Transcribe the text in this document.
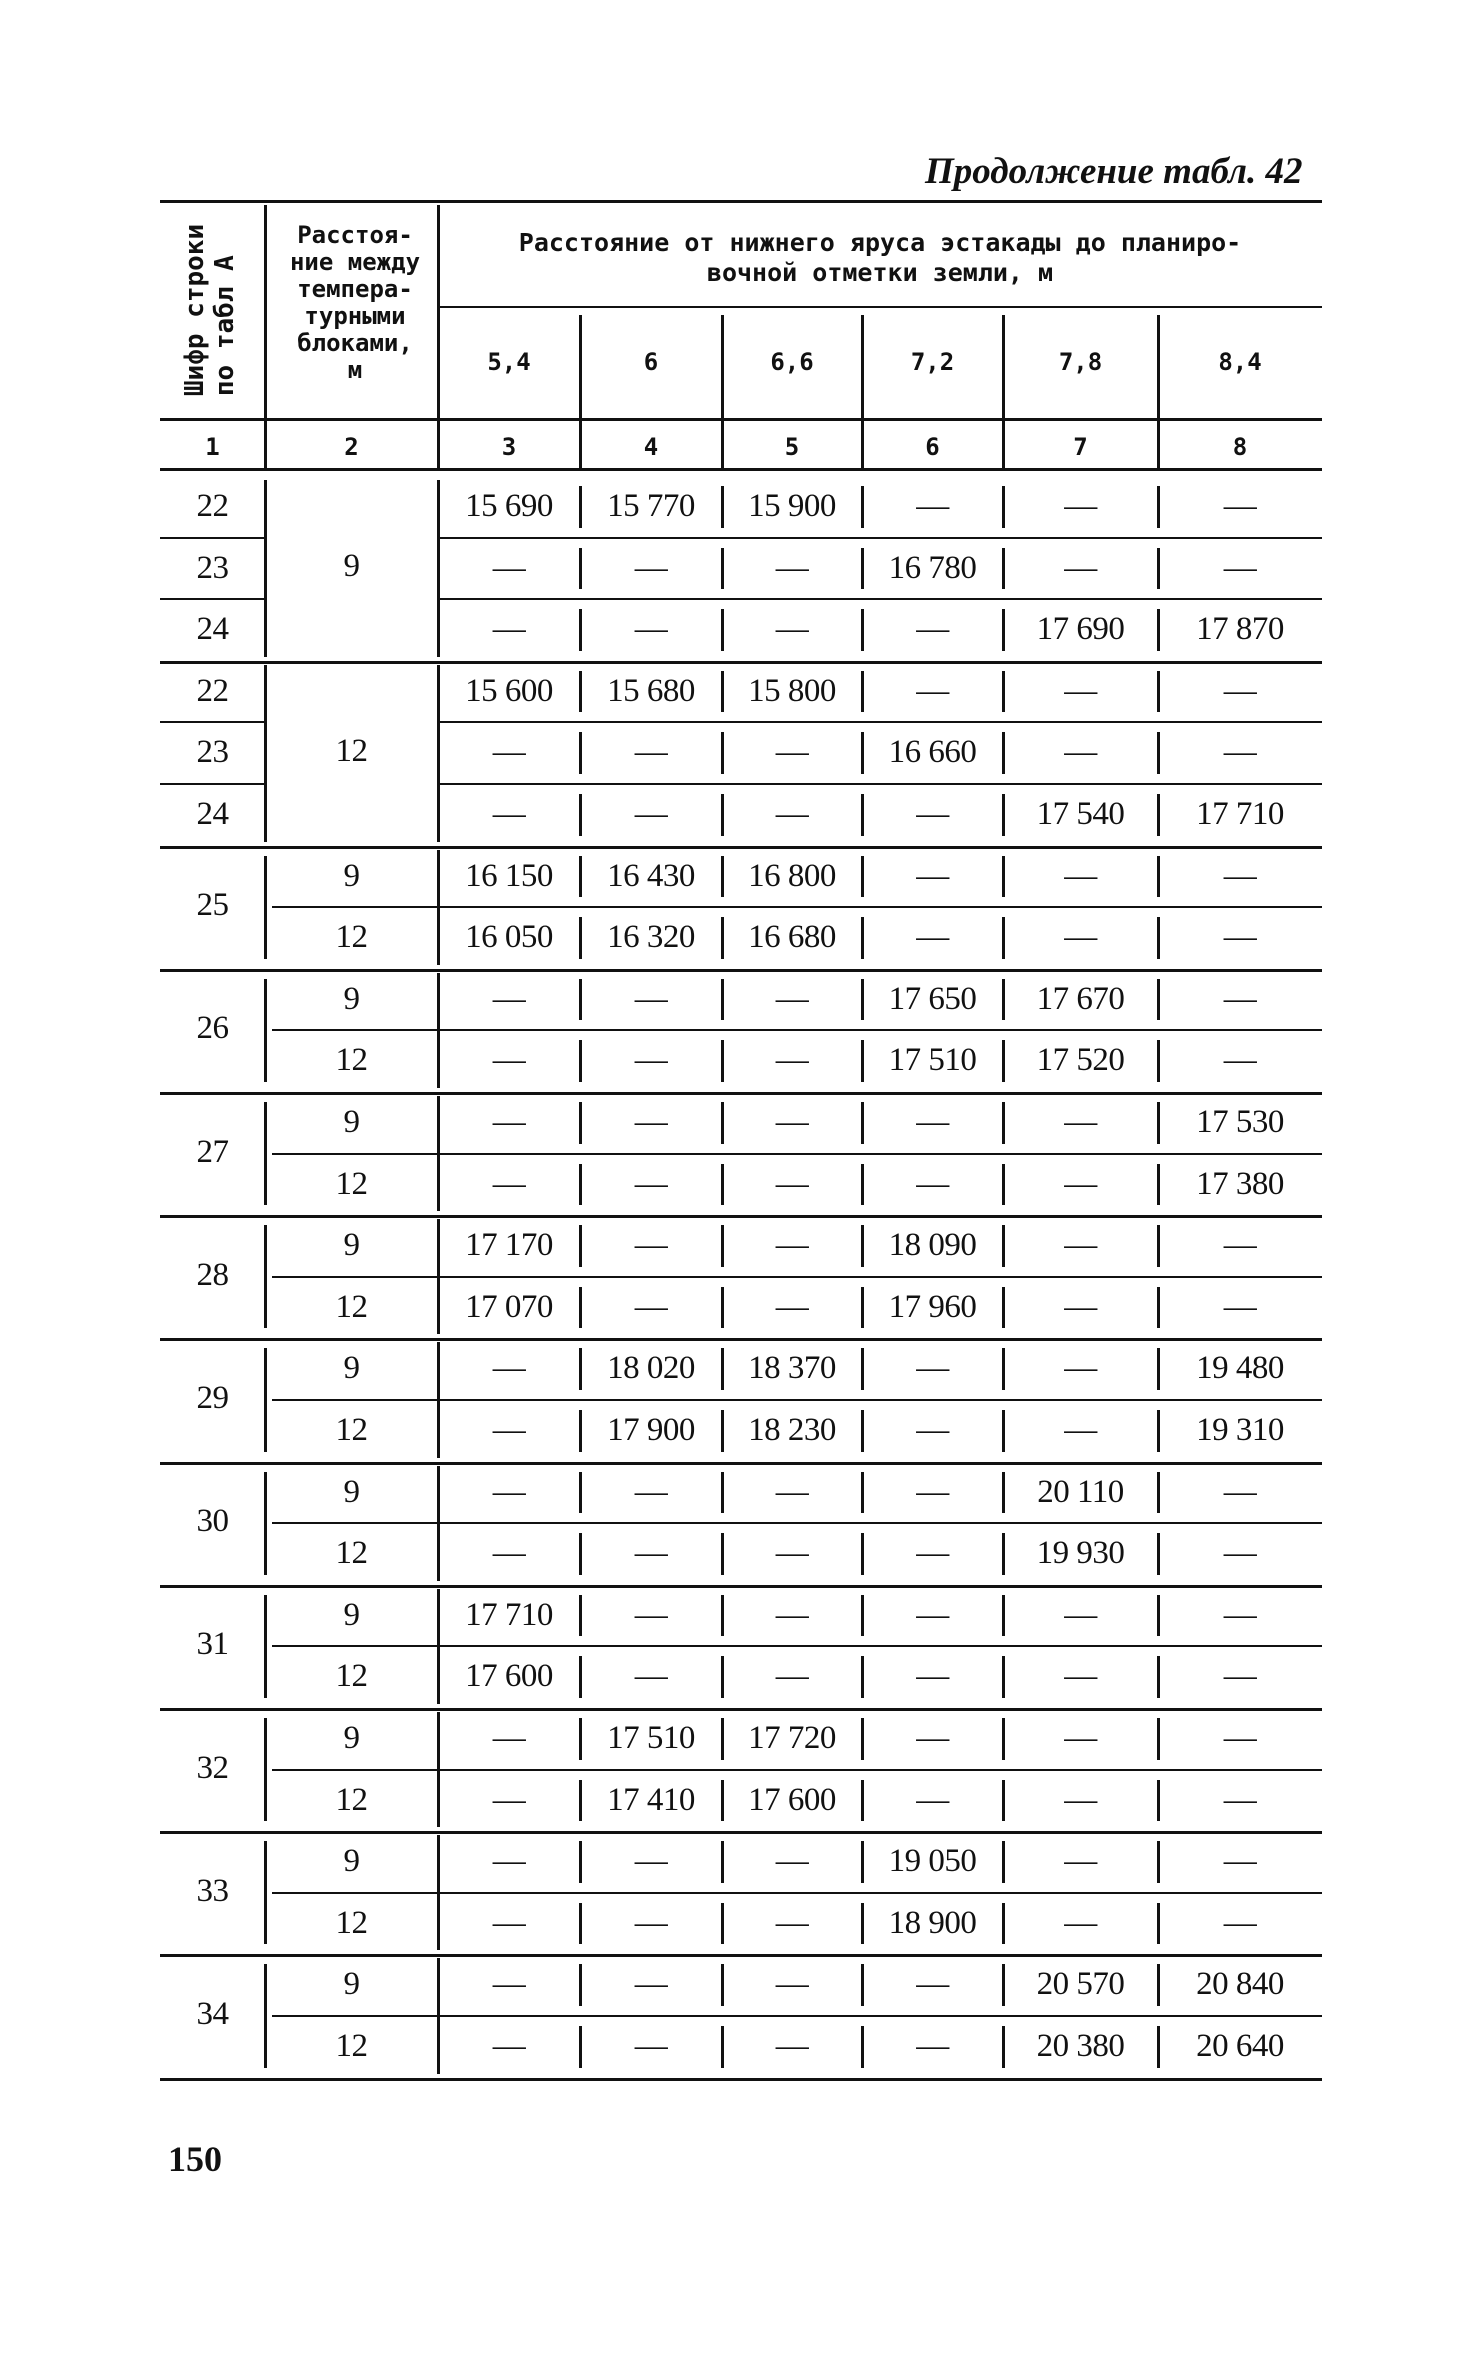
Продолжение табл. 42
Шифр строки по табл А
Расстоя-
ние между
темпера-
турными
блоками,
м
Расстояние от нижнего яруса эстакады до планиро-
вочной отметки земли, м
5,4	6	6,6	7,2	7,8	8,4
1	2	3	4	5	6	7	8
22
9
15 690	15 770	15 900	—	—	—
23	—	—	—	16 780	—	—
24	—	—	—	—	17 690	17 870
22
12
15 600	15 680	15 800	—	—	—
23	—	—	—	16 660	—	—
24	—	—	—	—	17 540	17 710
25
9	16 150	16 430	16 800	—	—	—
12	16 050	16 320	16 680	—	—	—
26
9	—	—	—	17 650	17 670	—
12	—	—	—	17 510	17 520	—
27
9	—	—	—	—	—	17 530
12	—	—	—	—	—	17 380
28
9	17 170	—	—	18 090	—	—
12	17 070	—	—	17 960	—	—
29
9	—	18 020	18 370	—	—	19 480
12	—	17 900	18 230	—	—	19 310
30
9	—	—	—	—	20 110	—
12	—	—	—	—	19 930	—
31
9	17 710	—	—	—	—	—
12	17 600	—	—	—	—	—
32
9	—	17 510	17 720	—	—	—
12	—	17 410	17 600	—	—	—
33
9	—	—	—	19 050	—	—
12	—	—	—	18 900	—	—
34
9	—	—	—	—	20 570	20 840
12	—	—	—	—	20 380	20 640
150
